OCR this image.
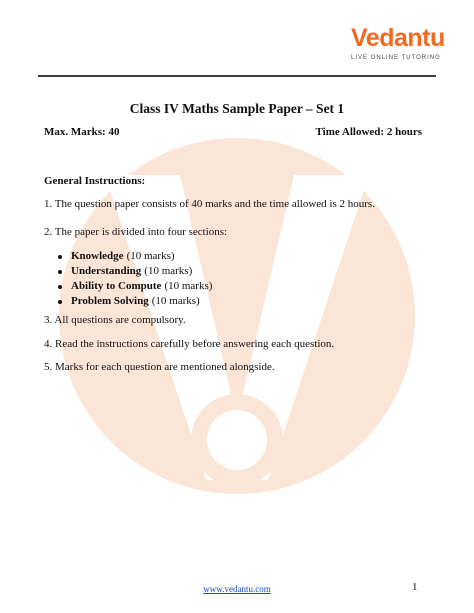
Vedantu
LIVE ONLINE TUTORING
Class IV Maths Sample Paper – Set 1
Max. Marks: 40	Time Allowed: 2 hours
General Instructions:
1. The question paper consists of 40 marks and the time allowed is 2 hours.
2. The paper is divided into four sections:
Knowledge (10 marks)
Understanding (10 marks)
Ability to Compute (10 marks)
Problem Solving (10 marks)
3. All questions are compulsory.
4. Read the instructions carefully before answering each question.
5. Marks for each question are mentioned alongside.
www.vedantu.com	1
